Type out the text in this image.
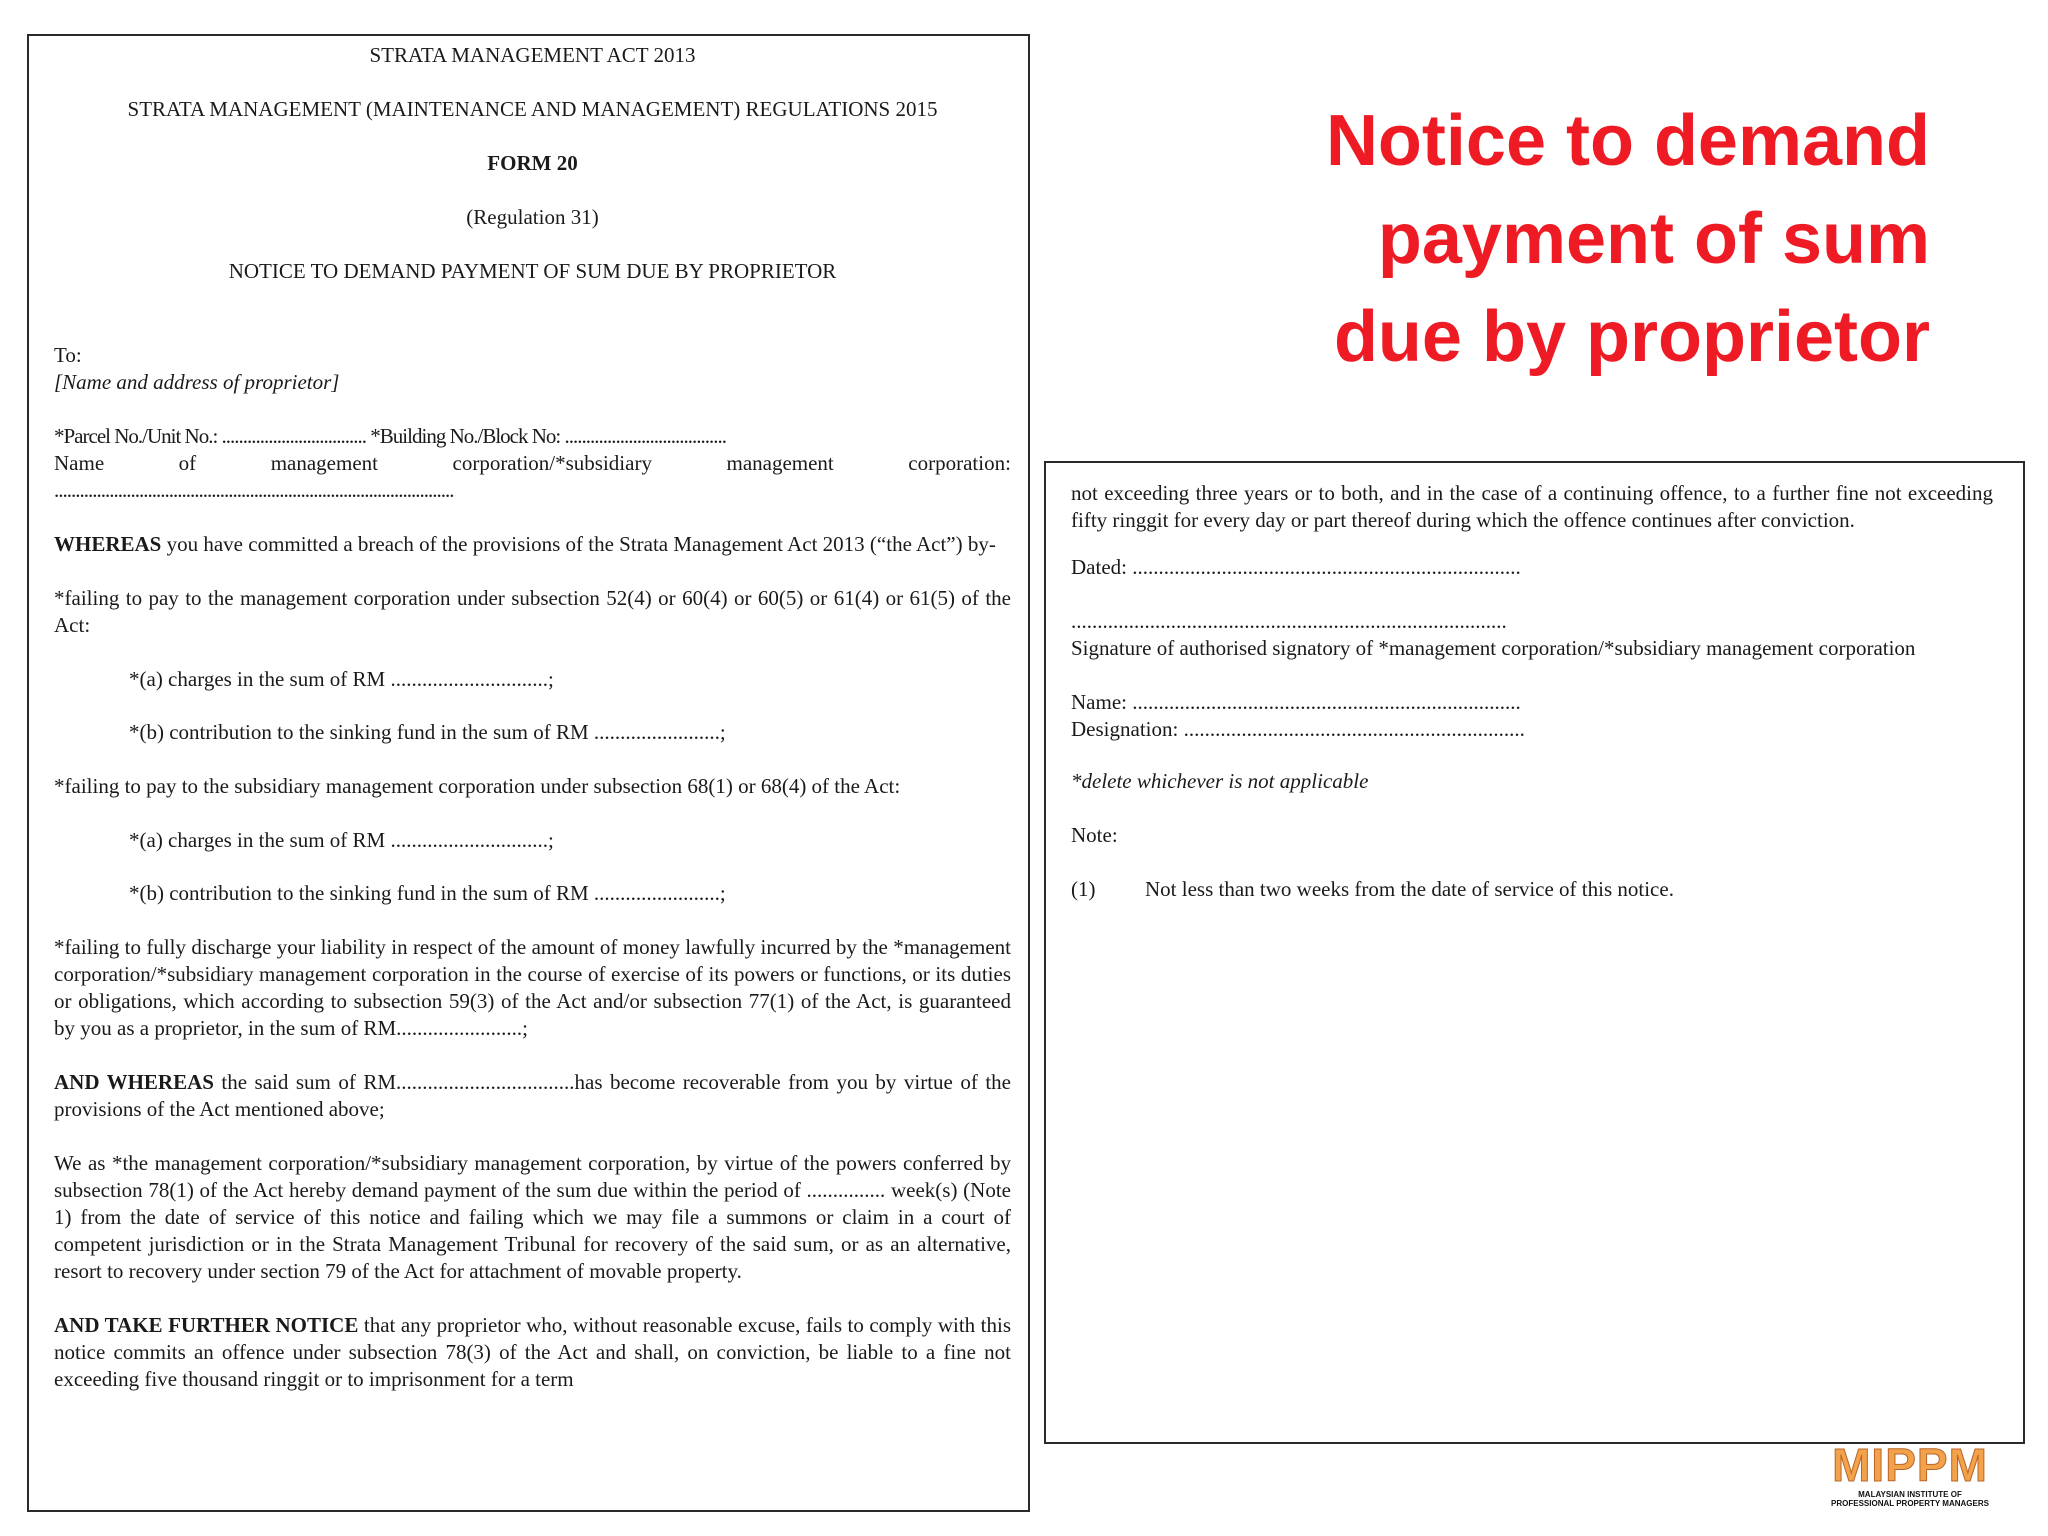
STRATA MANAGEMENT ACT 2013

STRATA MANAGEMENT (MAINTENANCE AND MANAGEMENT) REGULATIONS 2015

FORM 20

(Regulation 31)

NOTICE TO DEMAND PAYMENT OF SUM DUE BY PROPRIETOR

To:

[Name and address of proprietor]

*Parcel No./Unit No.: .................................. *Building No./Block No: ......................................

Name	of	management	corporation/*subsidiary	management	corporation:

..............................................................................................

WHEREAS you have committed a breach of the provisions of the Strata Management Act 2013 (“the Act”) by-

*failing to pay to the management corporation under subsection 52(4) or 60(4) or 60(5) or 61(4) or 61(5) of the Act:

*(a) charges in the sum of RM ..............................;

*(b) contribution to the sinking fund in the sum of RM ........................;

*failing to pay to the subsidiary management corporation under subsection 68(1) or 68(4) of the Act:

*(a) charges in the sum of RM ..............................;

*(b) contribution to the sinking fund in the sum of RM ........................;

*failing to fully discharge your liability in respect of the amount of money lawfully incurred by the *management corporation/*subsidiary management corporation in the course of exercise of its powers or functions, or its duties or obligations, which according to subsection 59(3) of the Act and/or subsection 77(1) of the Act, is guaranteed by you as a proprietor, in the sum of RM........................;

AND WHEREAS the said sum of RM..................................has become recoverable from you by virtue of the provisions of the Act mentioned above;

We as *the management corporation/*subsidiary management corporation, by virtue of the powers conferred by subsection 78(1) of the Act hereby demand payment of the sum due within the period of ............... week(s) (Note 1) from the date of service of this notice and failing which we may file a summons or claim in a court of competent jurisdiction or in the Strata Management Tribunal for recovery of the said sum, or as an alternative, resort to recovery under section 79 of the Act for attachment of movable property.

AND TAKE FURTHER NOTICE that any proprietor who, without reasonable excuse, fails to comply with this notice commits an offence under subsection 78(3) of the Act and shall, on conviction, be liable to a fine not exceeding five thousand ringgit or to imprisonment for a term

Notice to demand
payment of sum
due by proprietor

not exceeding three years or to both, and in the case of a continuing offence, to a further fine not exceeding fifty ringgit for every day or part thereof during which the offence continues after conviction.

Dated: ..........................................................................

...................................................................................

Signature of authorised signatory of *management corporation/*subsidiary management corporation

Name: ..........................................................................

Designation: .................................................................

*delete whichever is not applicable

Note:

(1)	Not less than two weeks from the date of service of this notice.
MIPPM
MALAYSIAN INSTITUTE OF
PROFESSIONAL PROPERTY MANAGERS
